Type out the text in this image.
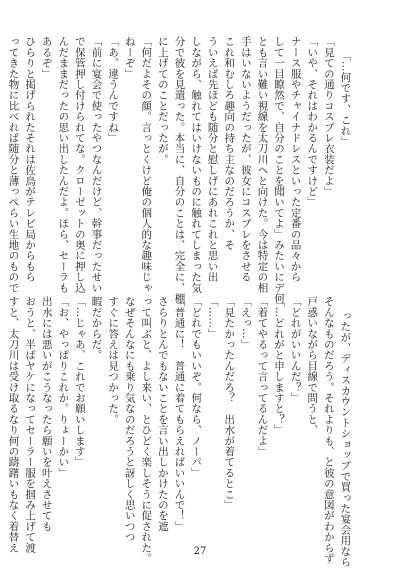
「…何です、これ」
「見ての通りコスプレ衣装だよ」
「いや、それはわかるんですけど」
ナース服やチャイナドレスといった定番の品々から
して一目瞭然で、自分のことを聞いてよ」みたいにデ何
とも言い難い視線を太刀川へと向けた。今は特定の相
手はいないようだったが、彼女にコスプレをさせる
これ和むしろ趣向の持ち主なのだろうか、そ
ういえば先ほども随分と慰しげにあれこれと思い出
しながら、触れてはいけないものに触れてしまった気
分で彼を見遣った。本当に、自分のことは、完全に、棚
に上げてのことだったが。
「何だよその顔。言っとくけど俺の個人的な趣味じゃ
ねーぞ」
「あ、違うんですね」
「前に宴会で使ったやつなんだけど、幹事だったせい
で保管押し付けられてな。クローゼットの奥に押し込
んだままだったの思い出したんだよ。ほら、セーラも
あるぞ」
ひらりと掲げられたそれは佐鳥がテレビ局からもら
ってきた物に比べれば随分と薄っぺらい生地のもので

ったが、ディスカウントショップで買った宴会用なら
そんなものだろう。それよりも、と彼の意図がわからず
戸惑いながら目線で問うと、
「どれがいいんだ？」
「…どれがと申しますと？」
「着てやるって言ってるんだよ」
「えっ…」
「見たかったんだろ？　出水が着てるとこ」
「……」
「どれでもいいぞ。何なら、ノーパ」
「普通に！　普通に着てもらえればいいんで！」
さらりとんでもないことを言い出しかけたのを遮
って叫ぶと、よし来い、とひどく楽しそうに促された。
なぜそんなにも乗り気なのだろうと訝しく思いつつ
すぐに答えは見つかった。
暇だからだ。
「…じゃあ、これでお願いします」
「お、やっぱりこれか。りょーかい」
出水には悪いがこうなったら願いを叶えさせても
おうと、半ばヤケになってセーラー服を掴み上げて渡
すと、太刀川は受け取るなり何の躊躇いもなく着替え
	27
